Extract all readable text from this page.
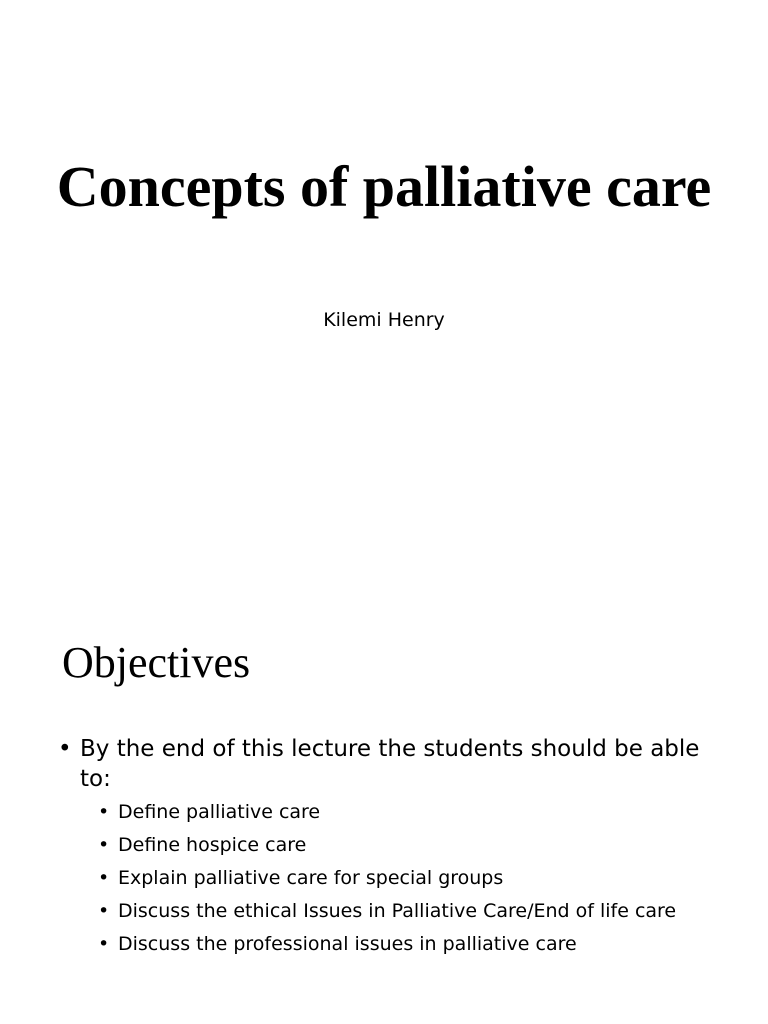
Concepts of palliative care
Kilemi Henry
Objectives
• By the end of this lecture the students should be able to:
• Define palliative care
• Define hospice care
• Explain palliative care for special groups
• Discuss the ethical Issues in Palliative Care/End of life care
• Discuss the professional issues in palliative care
